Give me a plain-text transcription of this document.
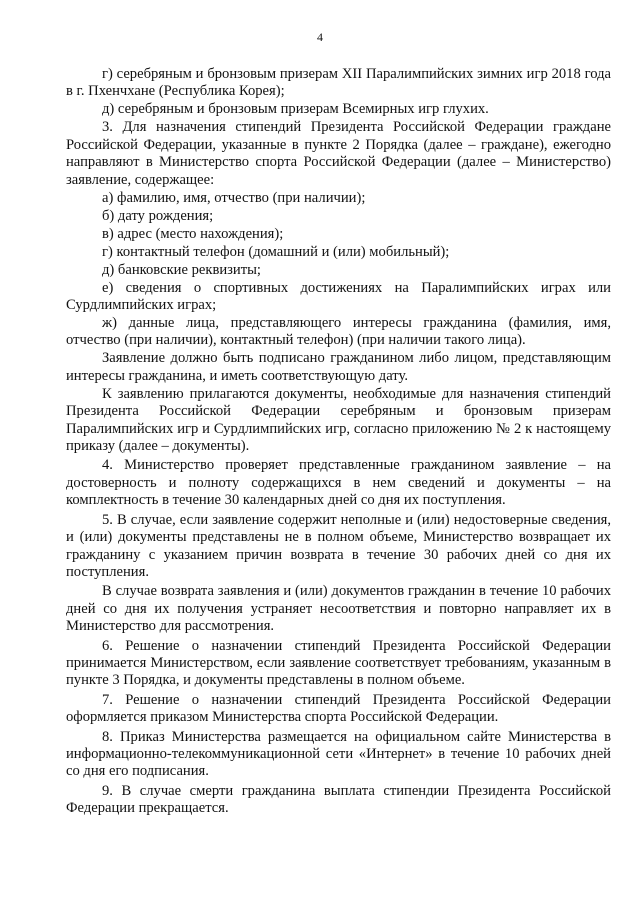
4

г) серебряным и бронзовым призерам XII Паралимпийских зимних игр 2018 года в г. Пхенчхане (Республика Корея);

д) серебряным и бронзовым призерам Всемирных игр глухих.

3. Для назначения стипендий Президента Российской Федерации граждане Российской Федерации, указанные в пункте 2 Порядка (далее – граждане), ежегодно направляют в Министерство спорта Российской Федерации (далее – Министерство) заявление, содержащее:

а) фамилию, имя, отчество (при наличии);

б) дату рождения;

в) адрес (место нахождения);

г) контактный телефон (домашний и (или) мобильный);

д) банковские реквизиты;

е) сведения о спортивных достижениях на Паралимпийских играх или Сурдлимпийских играх;

ж) данные лица, представляющего интересы гражданина (фамилия, имя, отчество (при наличии), контактный телефон) (при наличии такого лица).

Заявление должно быть подписано гражданином либо лицом, представляющим интересы гражданина, и иметь соответствующую дату.

К заявлению прилагаются документы, необходимые для назначения стипендий Президента Российской Федерации серебряным и бронзовым призерам Паралимпийских игр и Сурдлимпийских игр, согласно приложению № 2 к настоящему приказу (далее – документы).

4. Министерство проверяет представленные гражданином заявление – на достоверность и полноту содержащихся в нем сведений и документы – на комплектность в течение 30 календарных дней со дня их поступления.

5. В случае, если заявление содержит неполные и (или) недостоверные сведения, и (или) документы представлены не в полном объеме, Министерство возвращает их гражданину с указанием причин возврата в течение 30 рабочих дней со дня их поступления.

В случае возврата заявления и (или) документов гражданин в течение 10 рабочих дней со дня их получения устраняет несоответствия и повторно направляет их в Министерство для рассмотрения.

6. Решение о назначении стипендий Президента Российской Федерации принимается Министерством, если заявление соответствует требованиям, указанным в пункте 3 Порядка, и документы представлены в полном объеме.

7. Решение о назначении стипендий Президента Российской Федерации оформляется приказом Министерства спорта Российской Федерации.

8. Приказ Министерства размещается на официальном сайте Министерства в информационно-телекоммуникационной сети «Интернет» в течение 10 рабочих дней со дня его подписания.

9. В случае смерти гражданина выплата стипендии Президента Российской Федерации прекращается.
